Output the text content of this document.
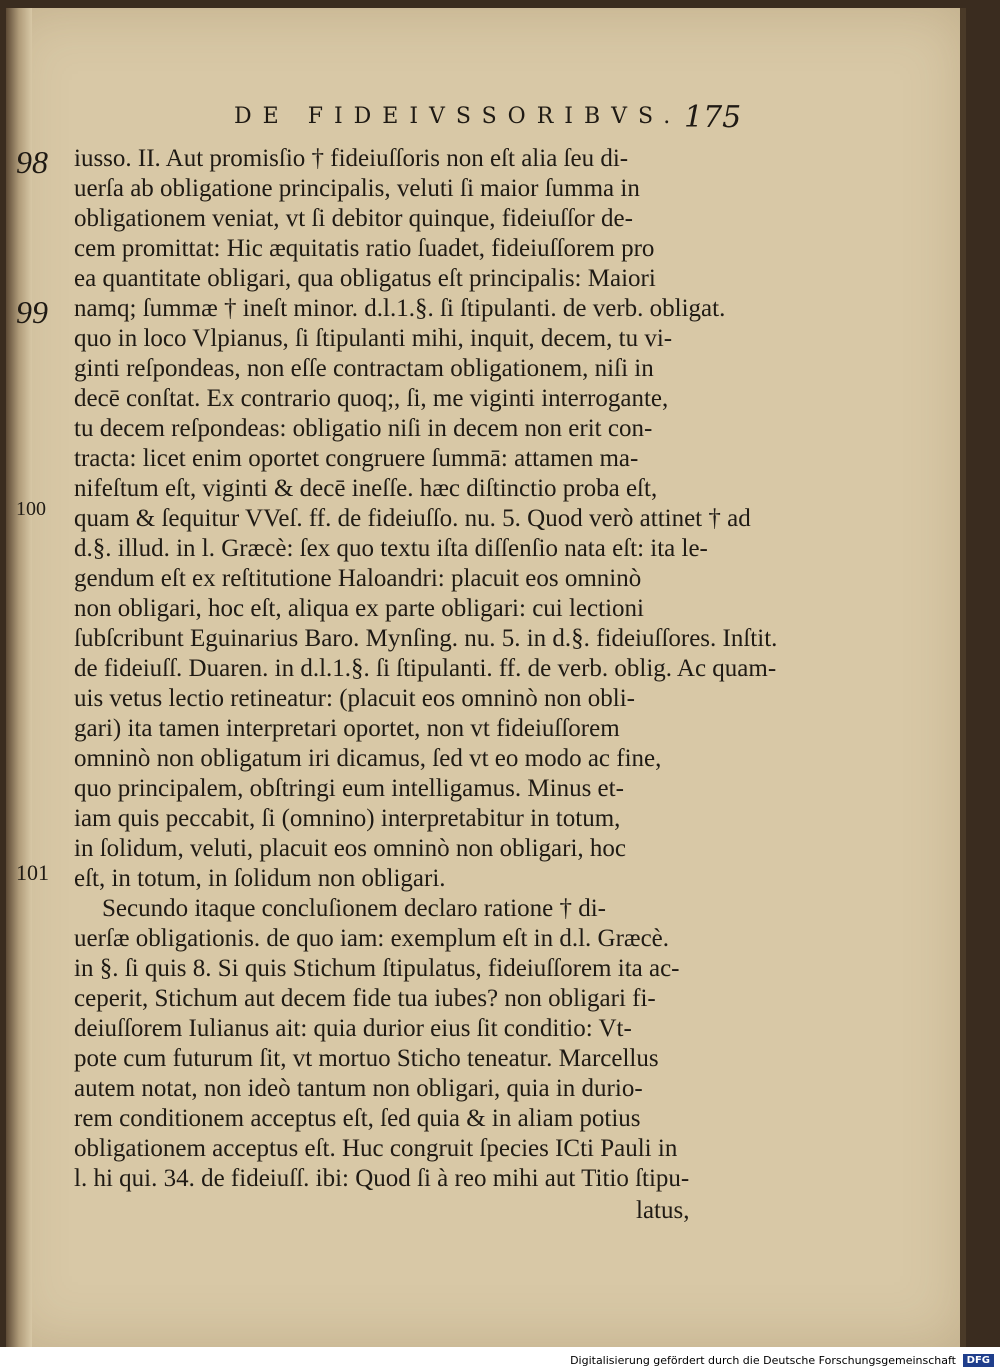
DE FIDEIVSSORIBVS. 175
98
99
100
101
iusso. II. Aut promisſio † fideiuſſoris non eſt alia ſeu di-
uerſa ab obligatione principalis, veluti ſi maior ſumma in
obligationem veniat, vt ſi debitor quinque, fideiuſſor de-
cem promittat: Hic æquitatis ratio ſuadet, fideiuſſorem pro
ea quantitate obligari, qua obligatus eſt principalis: Maiori
namq; ſummæ † ineſt minor. d.l.1.§. ſi ſtipulanti. de verb. obligat.
quo in loco Vlpianus, ſi ſtipulanti mihi, inquit, decem, tu vi-
ginti reſpondeas, non eſſe contractam obligationem, niſi in
decē conſtat. Ex contrario quoq;, ſi, me viginti interrogante,
tu decem reſpondeas: obligatio niſi in decem non erit con-
tracta: licet enim oportet congruere ſummā: attamen ma-
nifeſtum eſt, viginti & decē ineſſe. hæc diſtinctio proba eſt,
quam & ſequitur VVeſ. ff. de fideiuſſo. nu. 5. Quod verò attinet † ad
d.§. illud. in l. Græcè: ſex quo textu iſta diſſenſio nata eſt: ita le-
gendum eſt ex reſtitutione Haloandri: placuit eos omninò
non obligari, hoc eſt, aliqua ex parte obligari: cui lectioni
ſubſcribunt Eguinarius Baro. Mynſing. nu. 5. in d.§. fideiuſſores. Inſtit.
de fideiuſſ. Duaren. in d.l.1.§. ſi ſtipulanti. ff. de verb. oblig. Ac quam-
uis vetus lectio retineatur: (placuit eos omninò non obli-
gari) ita tamen interpretari oportet, non vt fideiuſſorem
omninò non obligatum iri dicamus, ſed vt eo modo ac fine,
quo principalem, obſtringi eum intelligamus. Minus et-
iam quis peccabit, ſi (omnino) interpretabitur in totum,
in ſolidum, veluti, placuit eos omninò non obligari, hoc
eſt, in totum, in ſolidum non obligari.
Secundo itaque concluſionem declaro ratione † di-
uerſæ obligationis. de quo iam: exemplum eſt in d.l. Græcè.
in §. ſi quis 8. Si quis Stichum ſtipulatus, fideiuſſorem ita ac-
ceperit, Stichum aut decem fide tua iubes? non obligari fi-
deiuſſorem Iulianus ait: quia durior eius ſit conditio: Vt-
pote cum futurum ſit, vt mortuo Sticho teneatur. Marcellus
autem notat, non ideò tantum non obligari, quia in durio-
rem conditionem acceptus eſt, ſed quia & in aliam potius
obligationem acceptus eſt. Huc congruit ſpecies ICti Pauli in
l. hi qui. 34. de fideiuſſ. ibi: Quod ſi à reo mihi aut Titio ſtipu-
latus,
Digitalisierung gefördert durch die Deutsche Forschungsgemeinschaft	DFG
